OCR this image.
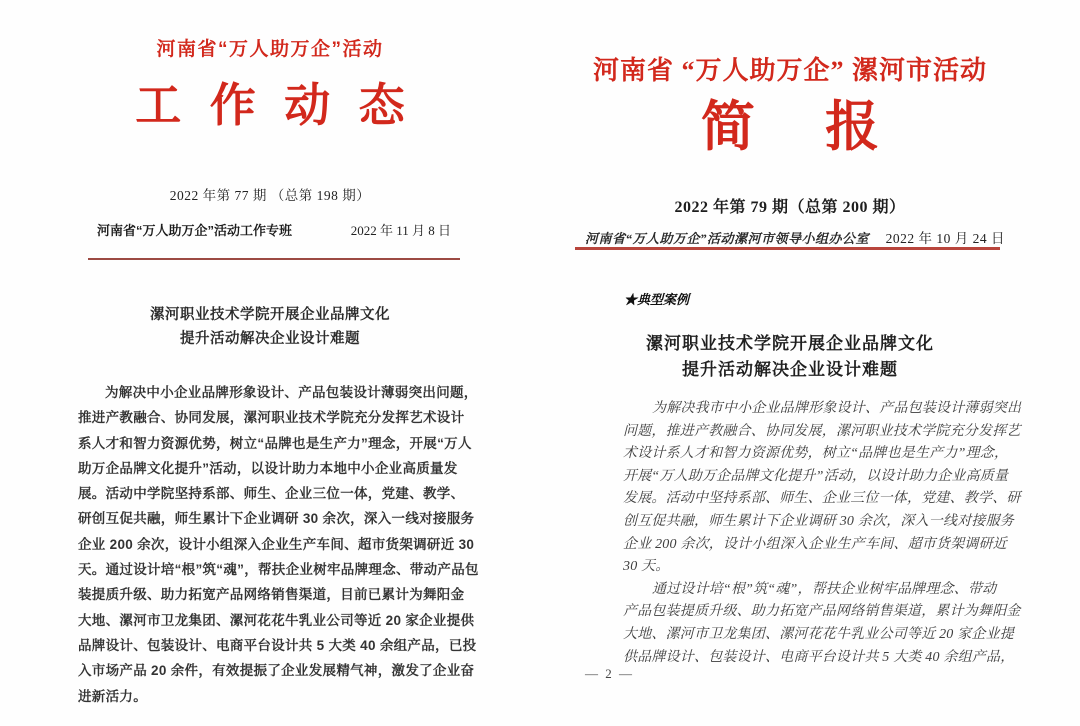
河南省“万人助万企”活动
工作动态
2022 年第 77 期 （总第 198 期）
河南省“万人助万企”活动工作专班	2022 年 11 月 8 日
漯河职业技术学院开展企业品牌文化
提升活动解决企业设计难题
为解决中小企业品牌形象设计、产品包装设计薄弱突出问题，
推进产教融合、协同发展，漯河职业技术学院充分发挥艺术设计
系人才和智力资源优势，树立“品牌也是生产力”理念，开展“万人
助万企品牌文化提升”活动，以设计助力本地中小企业高质量发
展。活动中学院坚持系部、师生、企业三位一体，党建、教学、
研创互促共融，师生累计下企业调研 30 余次，深入一线对接服务
企业 200 余次，设计小组深入企业生产车间、超市货架调研近 30
天。通过设计培“根”筑“魂”，帮扶企业树牢品牌理念、带动产品包
装提质升级、助力拓宽产品网络销售渠道，目前已累计为舞阳金
大地、漯河市卫龙集团、漯河花花牛乳业公司等近 20 家企业提供
品牌设计、包装设计、电商平台设计共 5 大类 40 余组产品，已投
入市场产品 20 余件，有效提振了企业发展精气神，激发了企业奋
进新活力。
河南省 “万人助万企” 漯河市活动
简报
2022 年第 79 期（总第 200 期）
河南省“万人助万企”活动漯河市领导小组办公室 2022 年 10 月 24 日
★典型案例
漯河职业技术学院开展企业品牌文化
提升活动解决企业设计难题
为解决我市中小企业品牌形象设计、产品包装设计薄弱突出
问题，推进产教融合、协同发展，漯河职业技术学院充分发挥艺
术设计系人才和智力资源优势，树立“品牌也是生产力”理念，
开展“万人助万企品牌文化提升”活动，以设计助力企业高质量
发展。活动中坚持系部、师生、企业三位一体，党建、教学、研
创互促共融，师生累计下企业调研 30 余次，深入一线对接服务
企业 200 余次，设计小组深入企业生产车间、超市货架调研近
30 天。
通过设计培“根”筑“魂”，帮扶企业树牢品牌理念、带动
产品包装提质升级、助力拓宽产品网络销售渠道，累计为舞阳金
大地、漯河市卫龙集团、漯河花花牛乳业公司等近 20 家企业提
供品牌设计、包装设计、电商平台设计共 5 大类 40 余组产品，
— 2 —
